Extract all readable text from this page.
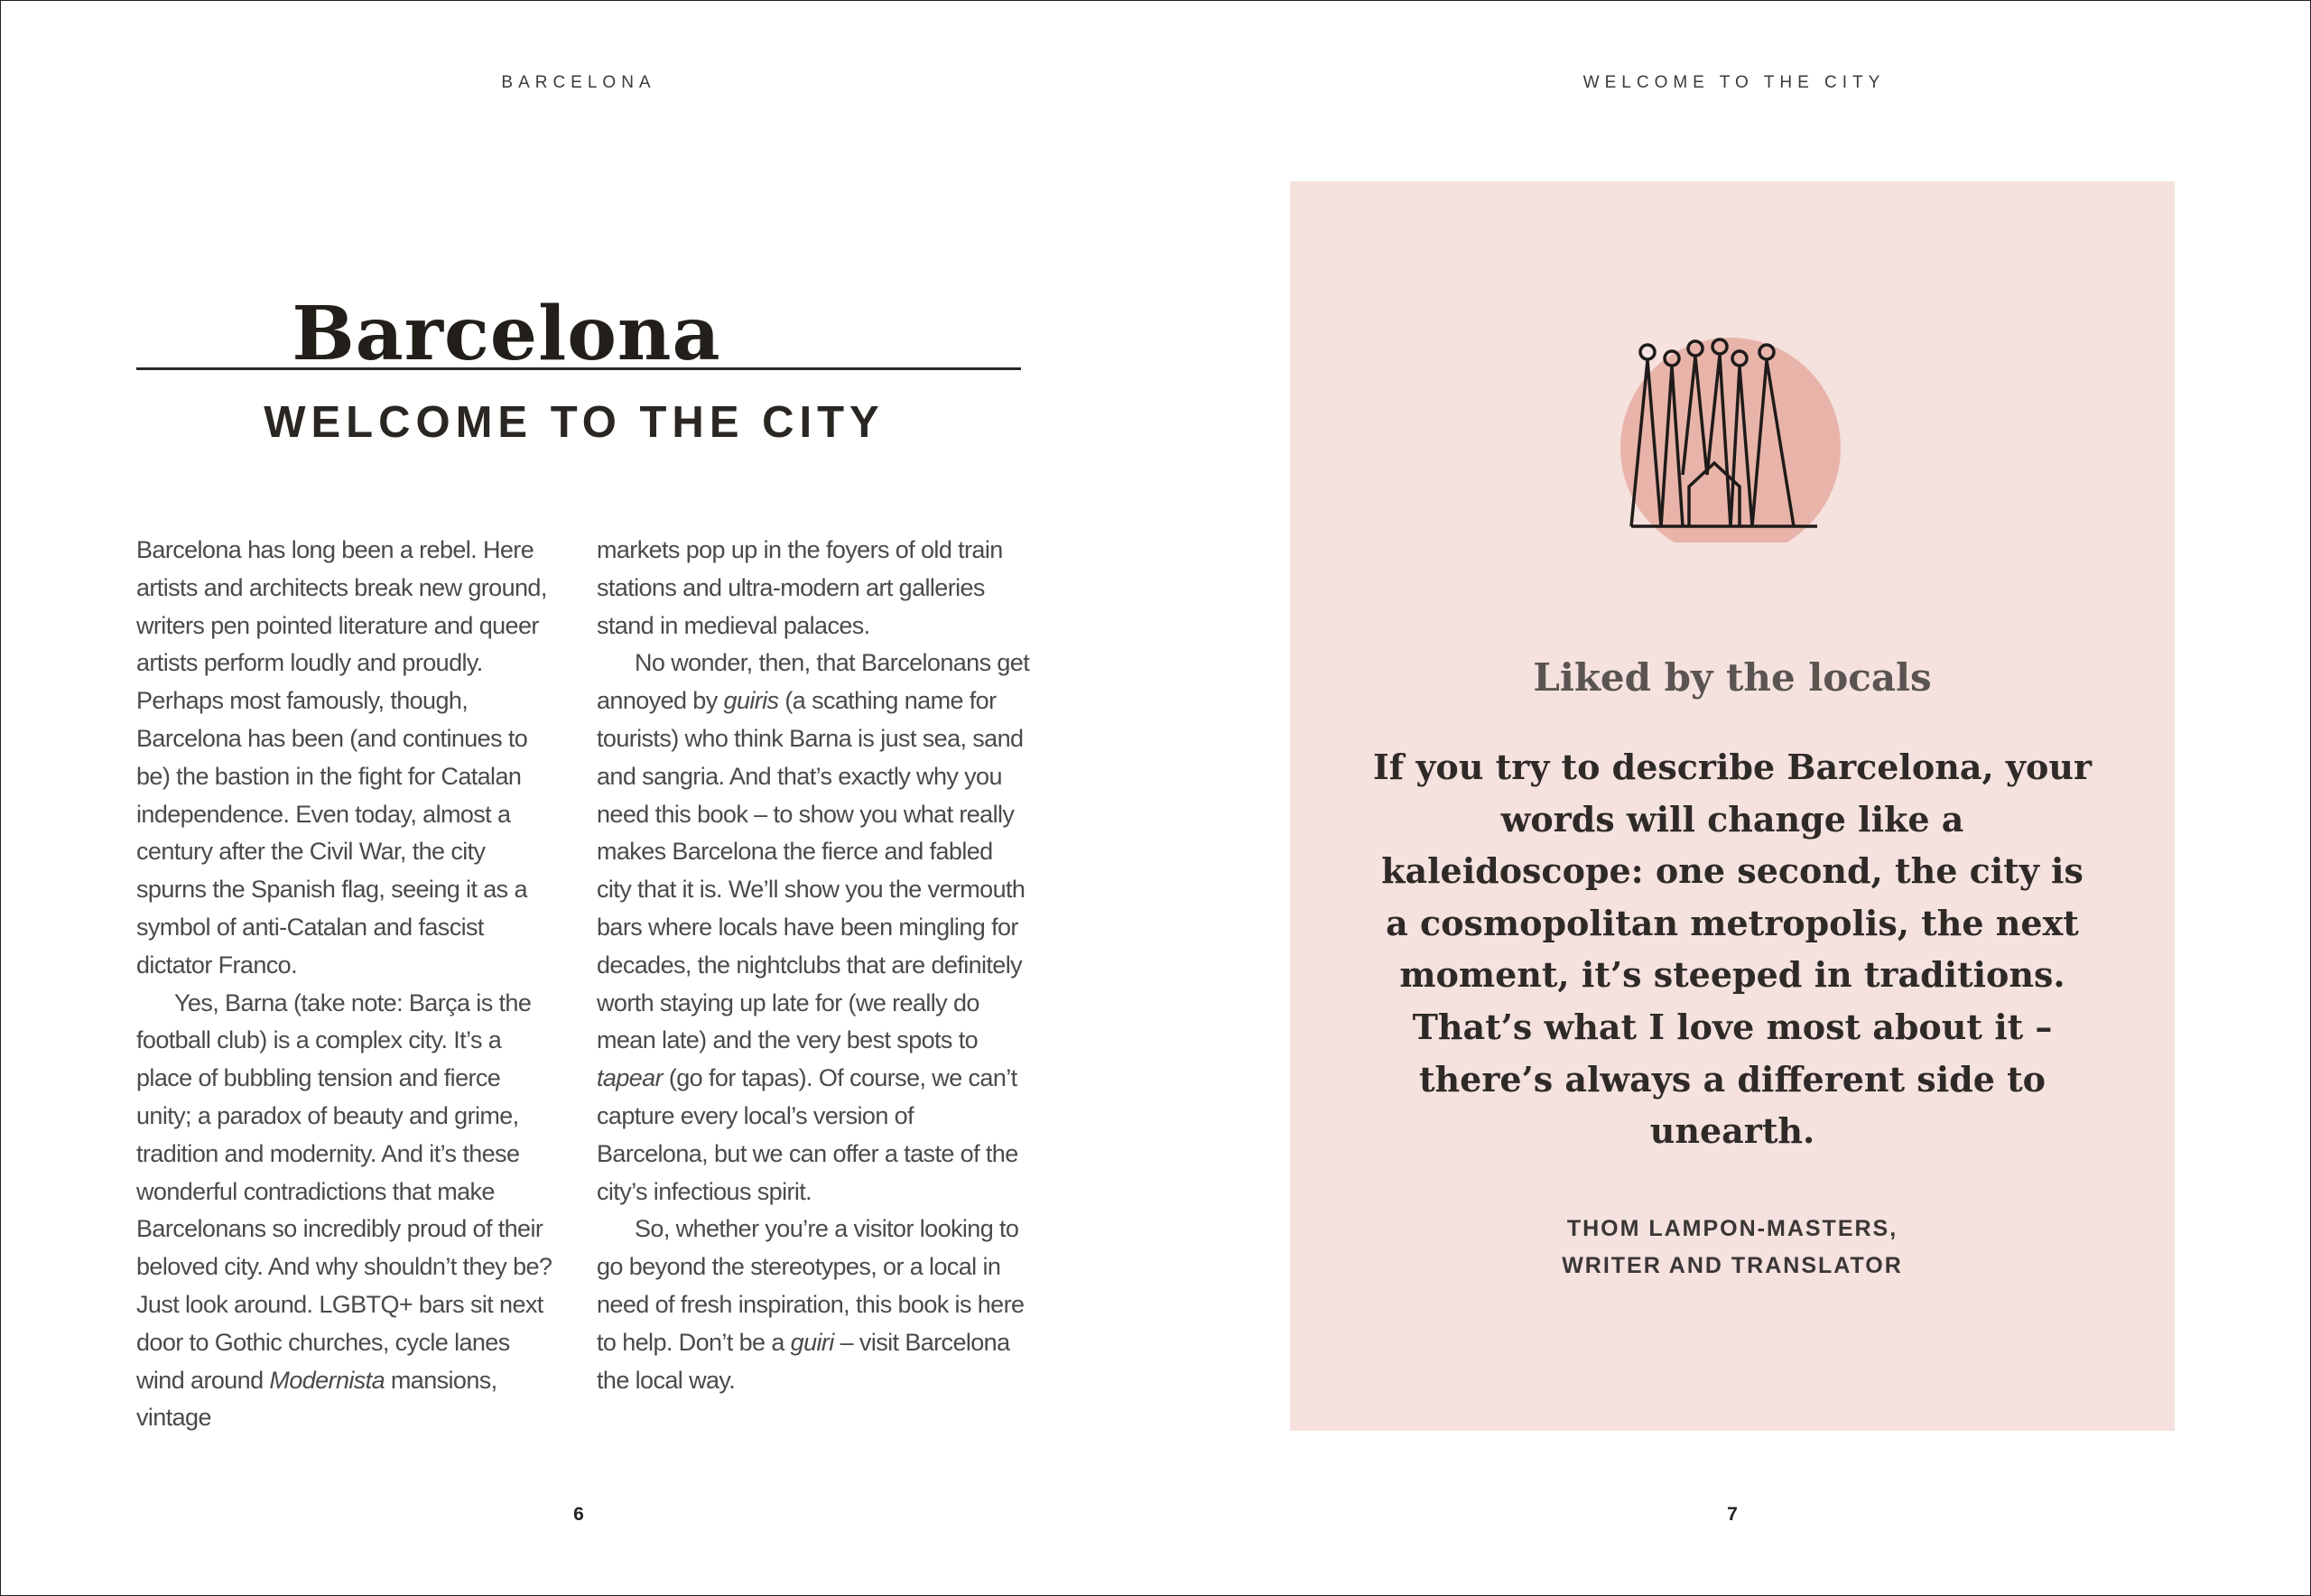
BARCELONA	WELCOME TO THE CITY
Barcelona
WELCOME TO THE CITY

Barcelona has long been a rebel. Here artists and architects break new ground, writers pen pointed literature and queer artists perform loudly and proudly. Perhaps most famously, though, Barcelona has been (and continues to be) the bastion in the fight for Catalan independence. Even today, almost a century after the Civil War, the city spurns the Spanish flag, seeing it as a symbol of anti-Catalan and fascist dictator Franco.

Yes, Barna (take note: Barça is the football club) is a complex city. It’s a place of bubbling tension and fierce unity; a paradox of beauty and grime, tradition and modernity. And it’s these wonderful contradictions that make Barcelonans so incredibly proud of their beloved city. And why shouldn’t they be? Just look around. LGBTQ+ bars sit next door to Gothic churches, cycle lanes wind around Modernista mansions, vintage

markets pop up in the foyers of old train stations and ultra-modern art galleries stand in medieval palaces.

No wonder, then, that Barcelonans get annoyed by guiris (a scathing name for tourists) who think Barna is just sea, sand and sangria. And that’s exactly why you need this book – to show you what really makes Barcelona the fierce and fabled city that it is. We’ll show you the vermouth bars where locals have been mingling for decades, the nightclubs that are definitely worth staying up late for (we really do mean late) and the very best spots to tapear (go for tapas). Of course, we can’t capture every local’s version of Barcelona, but we can offer a taste of the city’s infectious spirit.

So, whether you’re a visitor looking to go beyond the stereotypes, or a local in need of fresh inspiration, this book is here to help. Don’t be a guiri – visit Barcelona the local way.

Liked by the locals
If you try to describe Barcelona, your words will change like a kaleidoscope: one second, the city is a cosmopolitan metropolis, the next moment, it’s steeped in traditions. That’s what I love most about it – there’s always a different side to unearth.
THOM LAMPON-MASTERS,
WRITER AND TRANSLATOR
6	7
